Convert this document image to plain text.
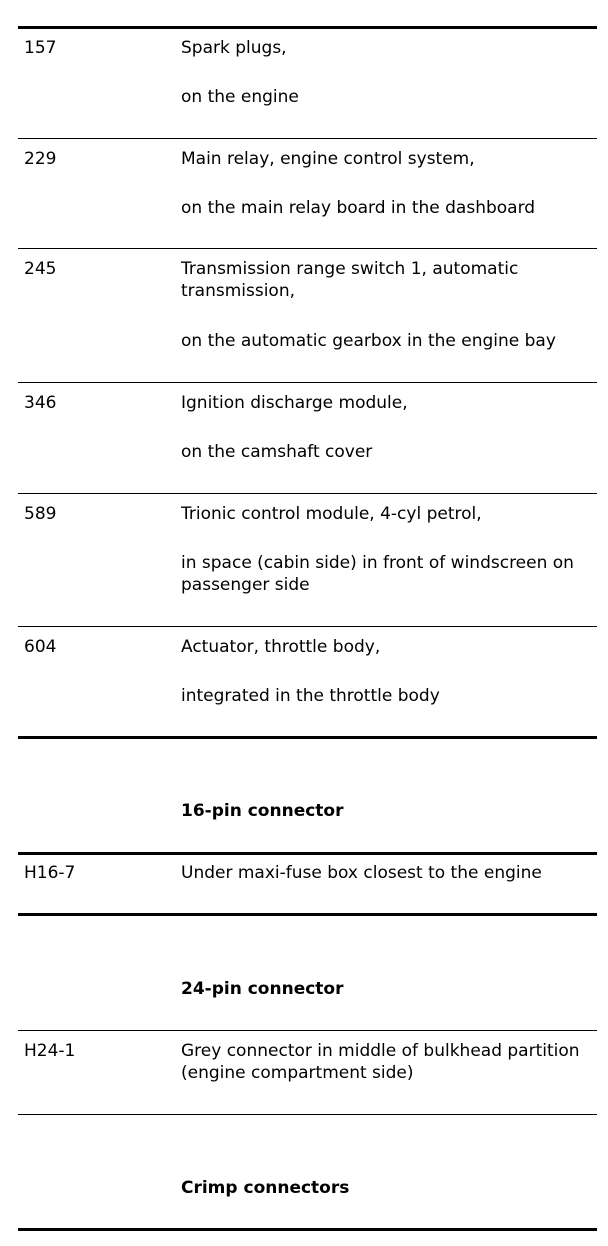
157	Spark plugs,
on the engine
229	Main relay, engine control system,
on the main relay board in the dashboard
245	Transmission range switch 1, automatic transmission,
on the automatic gearbox in the engine bay
346	Ignition discharge module,
on the camshaft cover
589	Trionic control module, 4-cyl petrol,
in space (cabin side) in front of windscreen on passenger side
604	Actuator, throttle body,
integrated in the throttle body
16-pin connector
H16-7	Under maxi-fuse box closest to the engine
24-pin connector
H24-1	Grey connector in middle of bulkhead partition (engine compartment side)
Crimp connectors
